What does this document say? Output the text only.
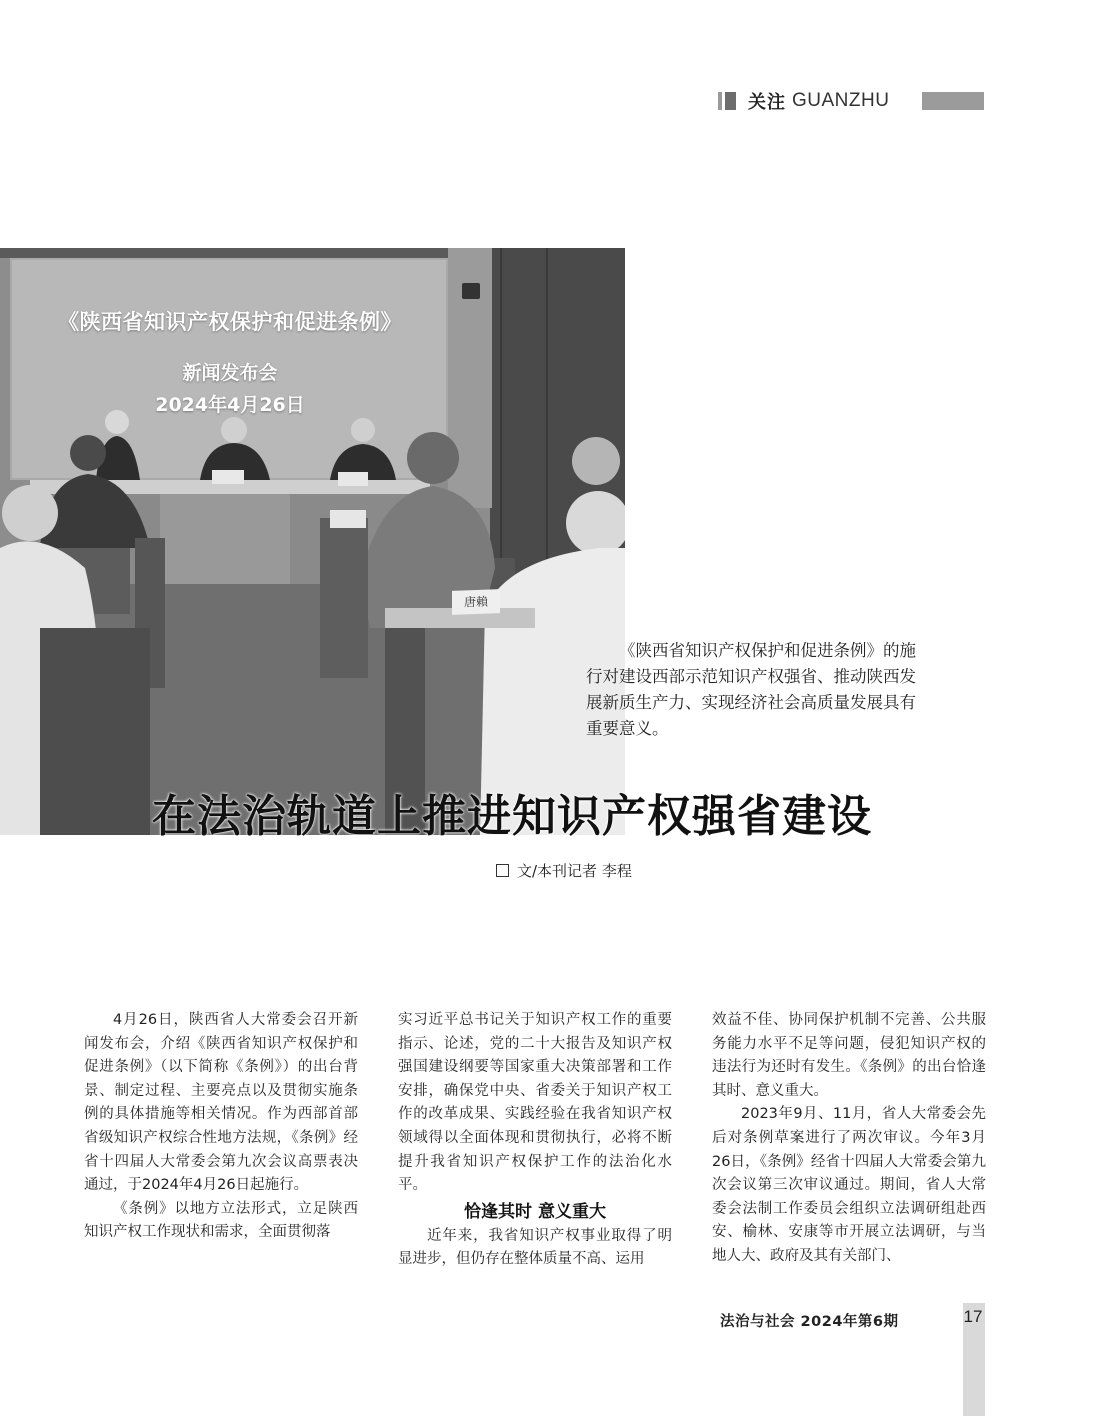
关注 GUANZHU
《陕西省知识产权保护和促进条例》
新闻发布会
2024年4月26日
唐賴
《陕西省知识产权保护和促进条例》的施行对建设西部示范知识产权强省、推动陕西发展新质生产力、实现经济社会高质量发展具有重要意义。
在法治轨道上推进知识产权强省建设
文/本刊记者 李程

4月26日，陕西省人大常委会召开新闻发布会，介绍《陕西省知识产权保护和促进条例》（以下简称《条例》）的出台背景、制定过程、主要亮点以及贯彻实施条例的具体措施等相关情况。作为西部首部省级知识产权综合性地方法规，《条例》经省十四届人大常委会第九次会议高票表决通过，于2024年4月26日起施行。

《条例》以地方立法形式，立足陕西知识产权工作现状和需求，全面贯彻落

实习近平总书记关于知识产权工作的重要指示、论述，党的二十大报告及知识产权强国建设纲要等国家重大决策部署和工作安排，确保党中央、省委关于知识产权工作的改革成果、实践经验在我省知识产权领域得以全面体现和贯彻执行，必将不断提升我省知识产权保护工作的法治化水平。

恰逢其时 意义重大

近年来，我省知识产权事业取得了明显进步，但仍存在整体质量不高、运用

效益不佳、协同保护机制不完善、公共服务能力水平不足等问题，侵犯知识产权的违法行为还时有发生。《条例》的出台恰逢其时、意义重大。

2023年9月、11月，省人大常委会先后对条例草案进行了两次审议。今年3月26日，《条例》经省十四届人大常委会第九次会议第三次审议通过。期间，省人大常委会法制工作委员会组织立法调研组赴西安、榆林、安康等市开展立法调研，与当地人大、政府及其有关部门、

法治与社会 2024年第6期	17
